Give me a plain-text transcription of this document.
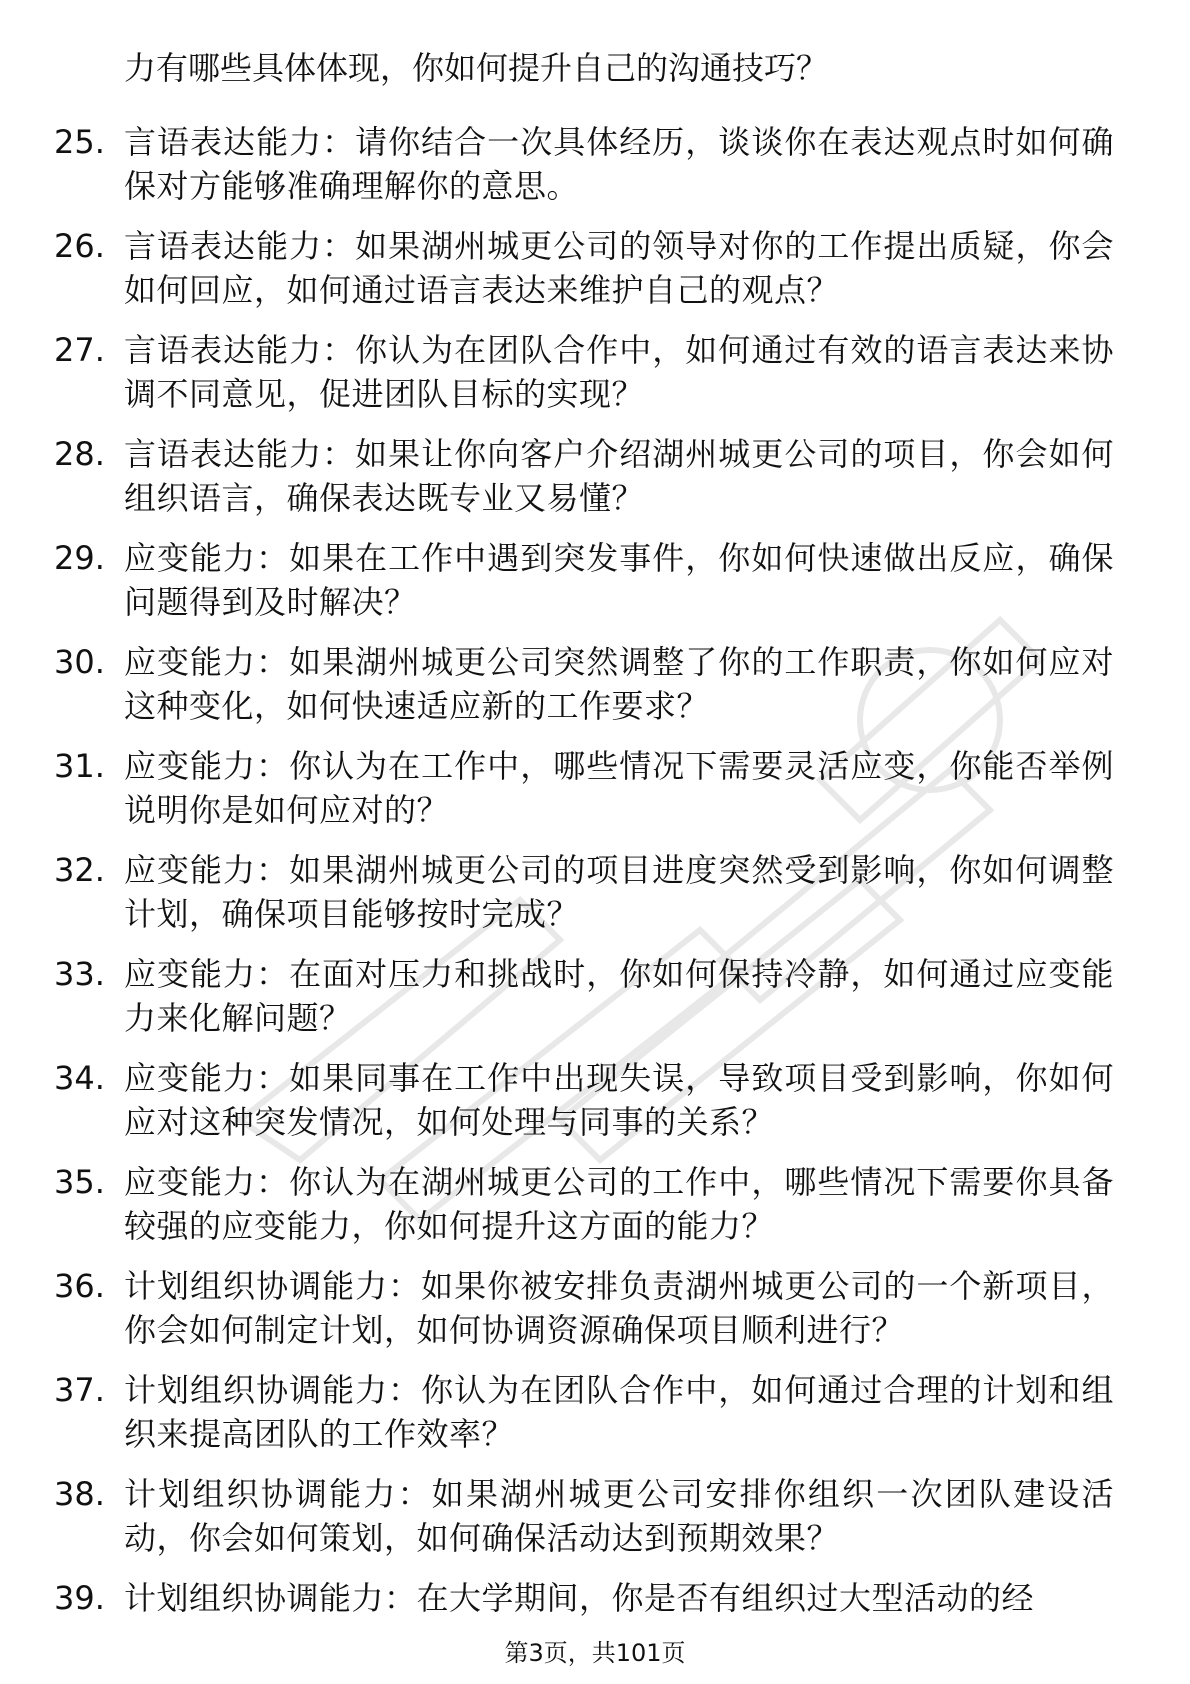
力有哪些具体体现，你如何提升自己的沟通技巧？
25. 言语表达能力：请你结合一次具体经历，谈谈你在表达观点时如何确保对方能够准确理解你的意思。
26. 言语表达能力：如果湖州城更公司的领导对你的工作提出质疑，你会如何回应，如何通过语言表达来维护自己的观点？
27. 言语表达能力：你认为在团队合作中，如何通过有效的语言表达来协调不同意见，促进团队目标的实现？
28. 言语表达能力：如果让你向客户介绍湖州城更公司的项目，你会如何组织语言，确保表达既专业又易懂？
29. 应变能力：如果在工作中遇到突发事件，你如何快速做出反应，确保问题得到及时解决？
30. 应变能力：如果湖州城更公司突然调整了你的工作职责，你如何应对这种变化，如何快速适应新的工作要求？
31. 应变能力：你认为在工作中，哪些情况下需要灵活应变，你能否举例说明你是如何应对的？
32. 应变能力：如果湖州城更公司的项目进度突然受到影响，你如何调整计划，确保项目能够按时完成？
33. 应变能力：在面对压力和挑战时，你如何保持冷静，如何通过应变能力来化解问题？
34. 应变能力：如果同事在工作中出现失误，导致项目受到影响，你如何应对这种突发情况，如何处理与同事的关系？
35. 应变能力：你认为在湖州城更公司的工作中，哪些情况下需要你具备较强的应变能力，你如何提升这方面的能力？
36. 计划组织协调能力：如果你被安排负责湖州城更公司的一个新项目，你会如何制定计划，如何协调资源确保项目顺利进行？
37. 计划组织协调能力：你认为在团队合作中，如何通过合理的计划和组织来提高团队的工作效率？
38. 计划组织协调能力：如果湖州城更公司安排你组织一次团队建设活动，你会如何策划，如何确保活动达到预期效果？
39. 计划组织协调能力：在大学期间，你是否有组织过大型活动的经
第3页，共101页
